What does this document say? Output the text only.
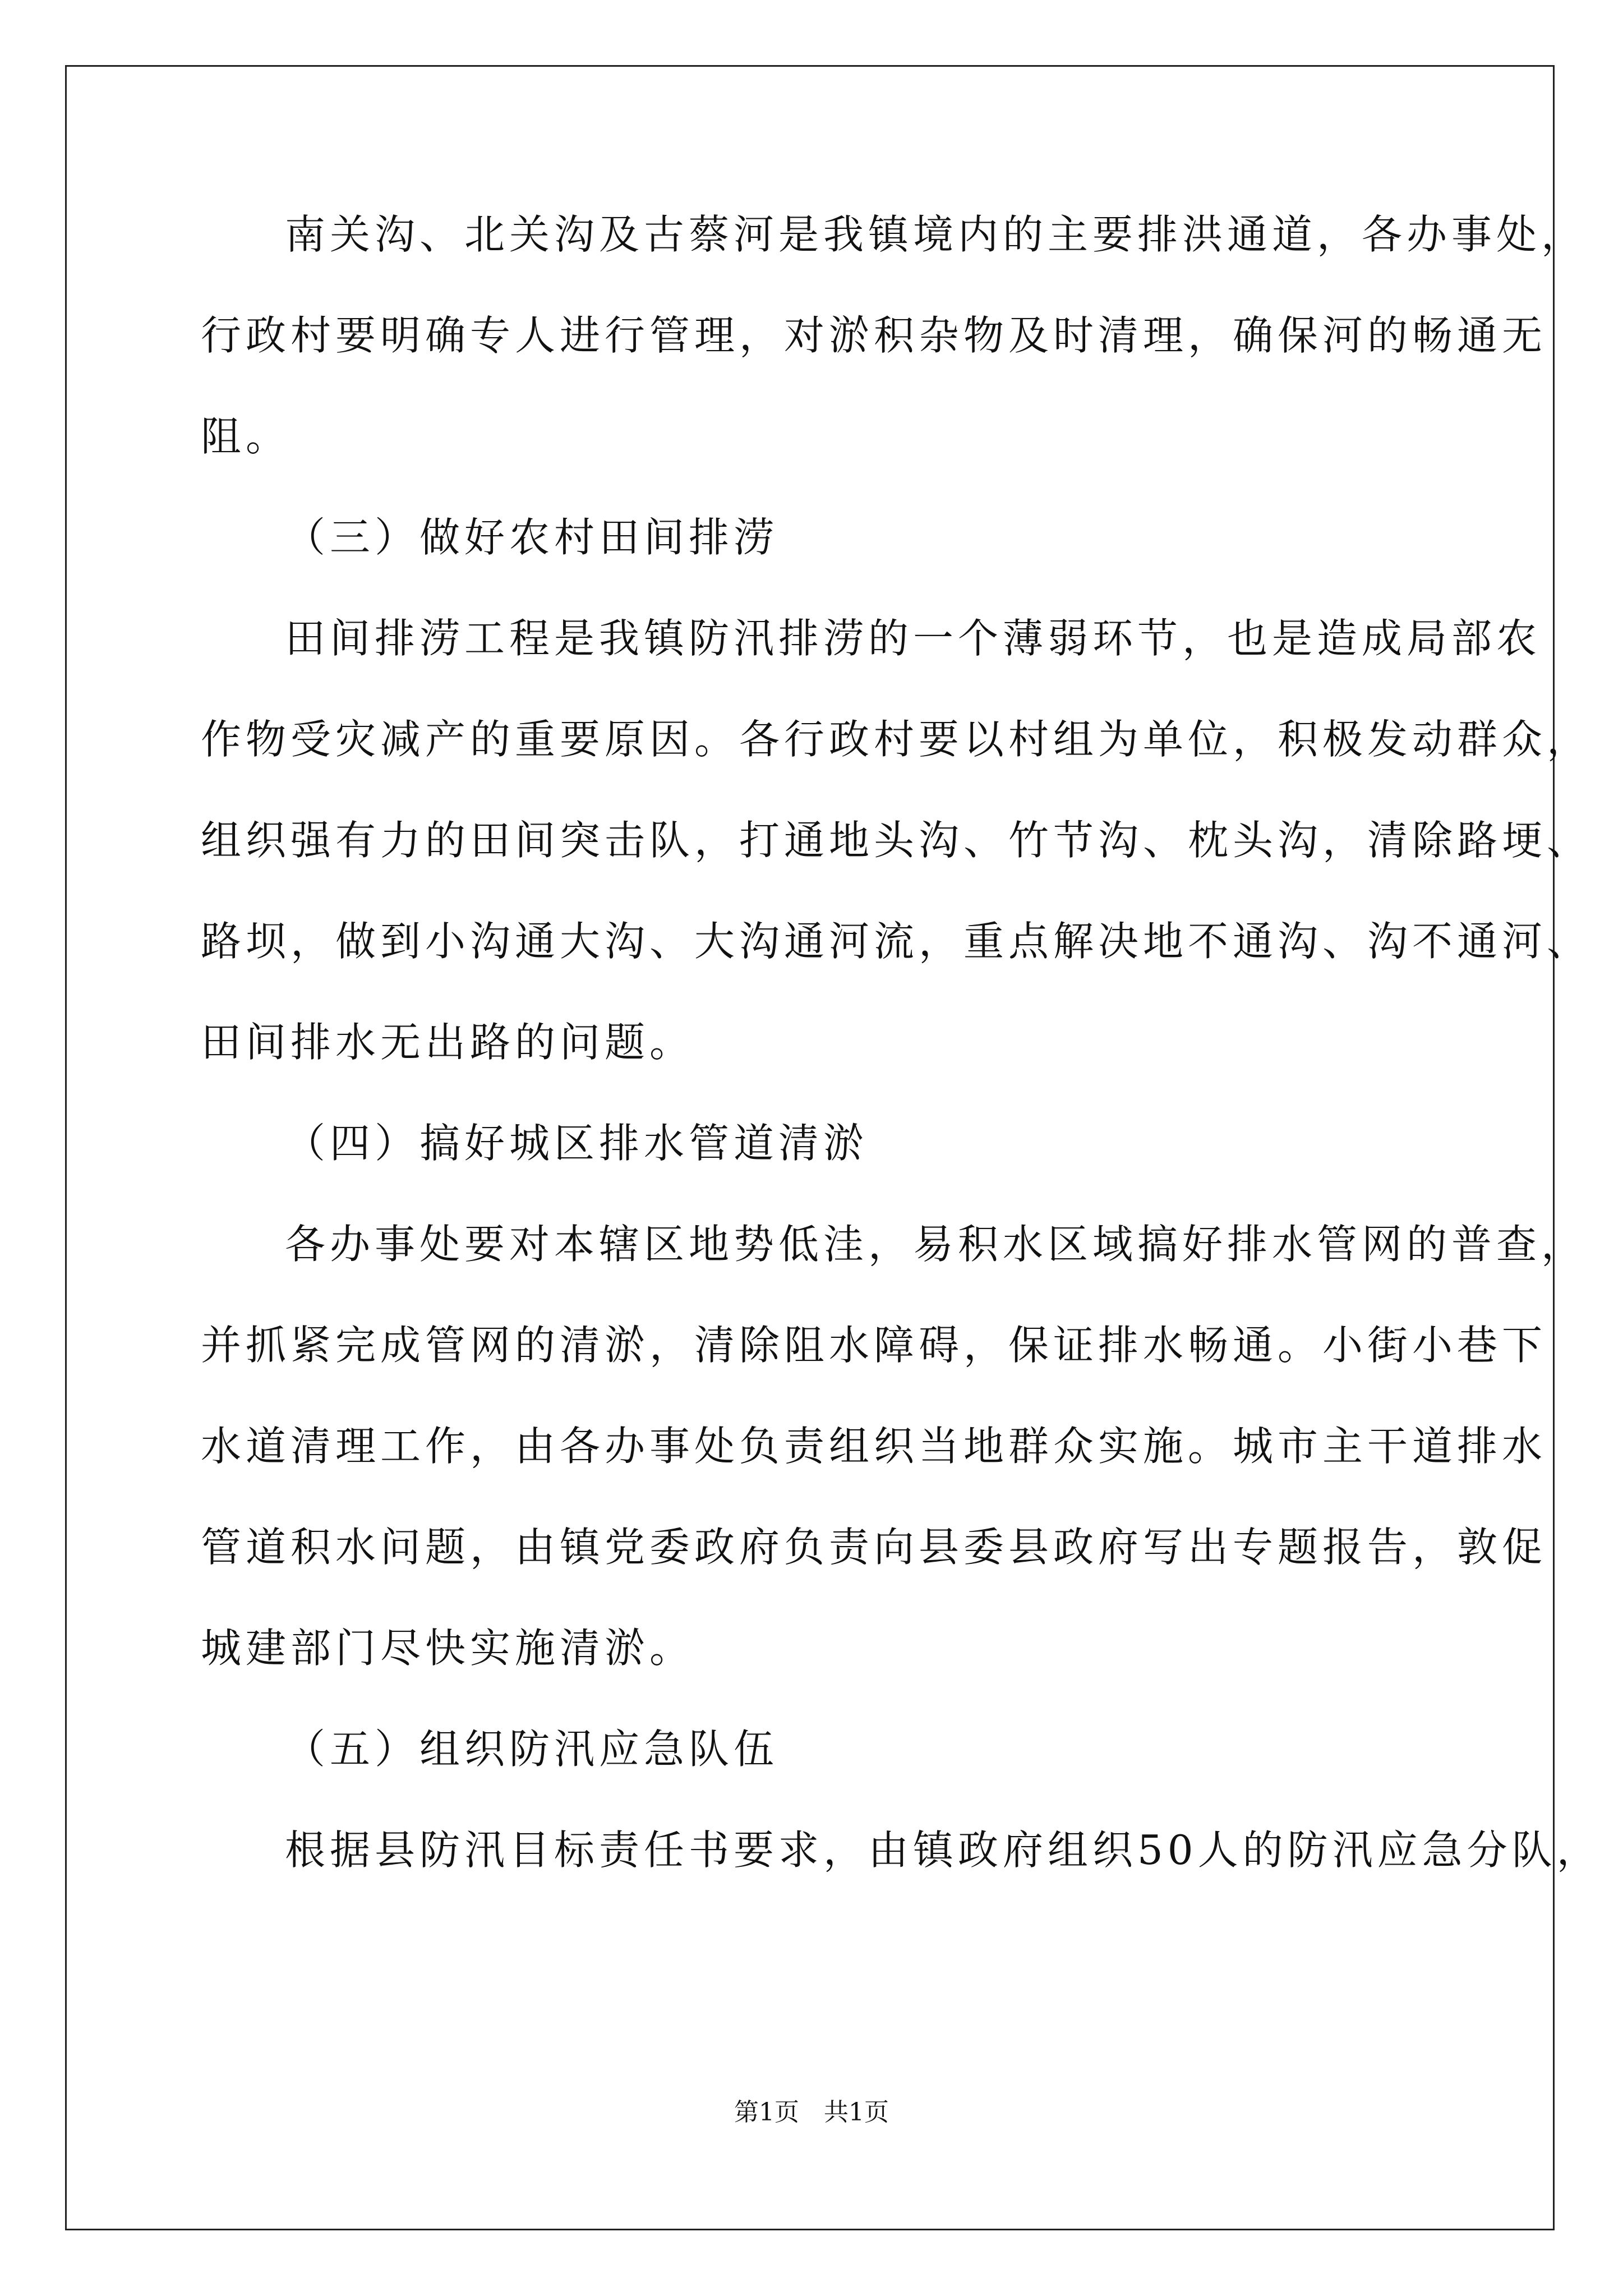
南关沟、北关沟及古蔡河是我镇境内的主要排洪通道，各办事处，
行政村要明确专人进行管理，对淤积杂物及时清理，确保河的畅通无
阻。
（三）做好农村田间排涝
田间排涝工程是我镇防汛排涝的一个薄弱环节，也是造成局部农
作物受灾减产的重要原因。各行政村要以村组为单位，积极发动群众，
组织强有力的田间突击队，打通地头沟、竹节沟、枕头沟，清除路埂、
路坝，做到小沟通大沟、大沟通河流，重点解决地不通沟、沟不通河、
田间排水无出路的问题。
（四）搞好城区排水管道清淤
各办事处要对本辖区地势低洼，易积水区域搞好排水管网的普查，
并抓紧完成管网的清淤，清除阻水障碍，保证排水畅通。小街小巷下
水道清理工作，由各办事处负责组织当地群众实施。城市主干道排水
管道积水问题，由镇党委政府负责向县委县政府写出专题报告，敦促
城建部门尽快实施清淤。
（五）组织防汛应急队伍
根据县防汛目标责任书要求，由镇政府组织50人的防汛应急分队，
第1页　共1页
